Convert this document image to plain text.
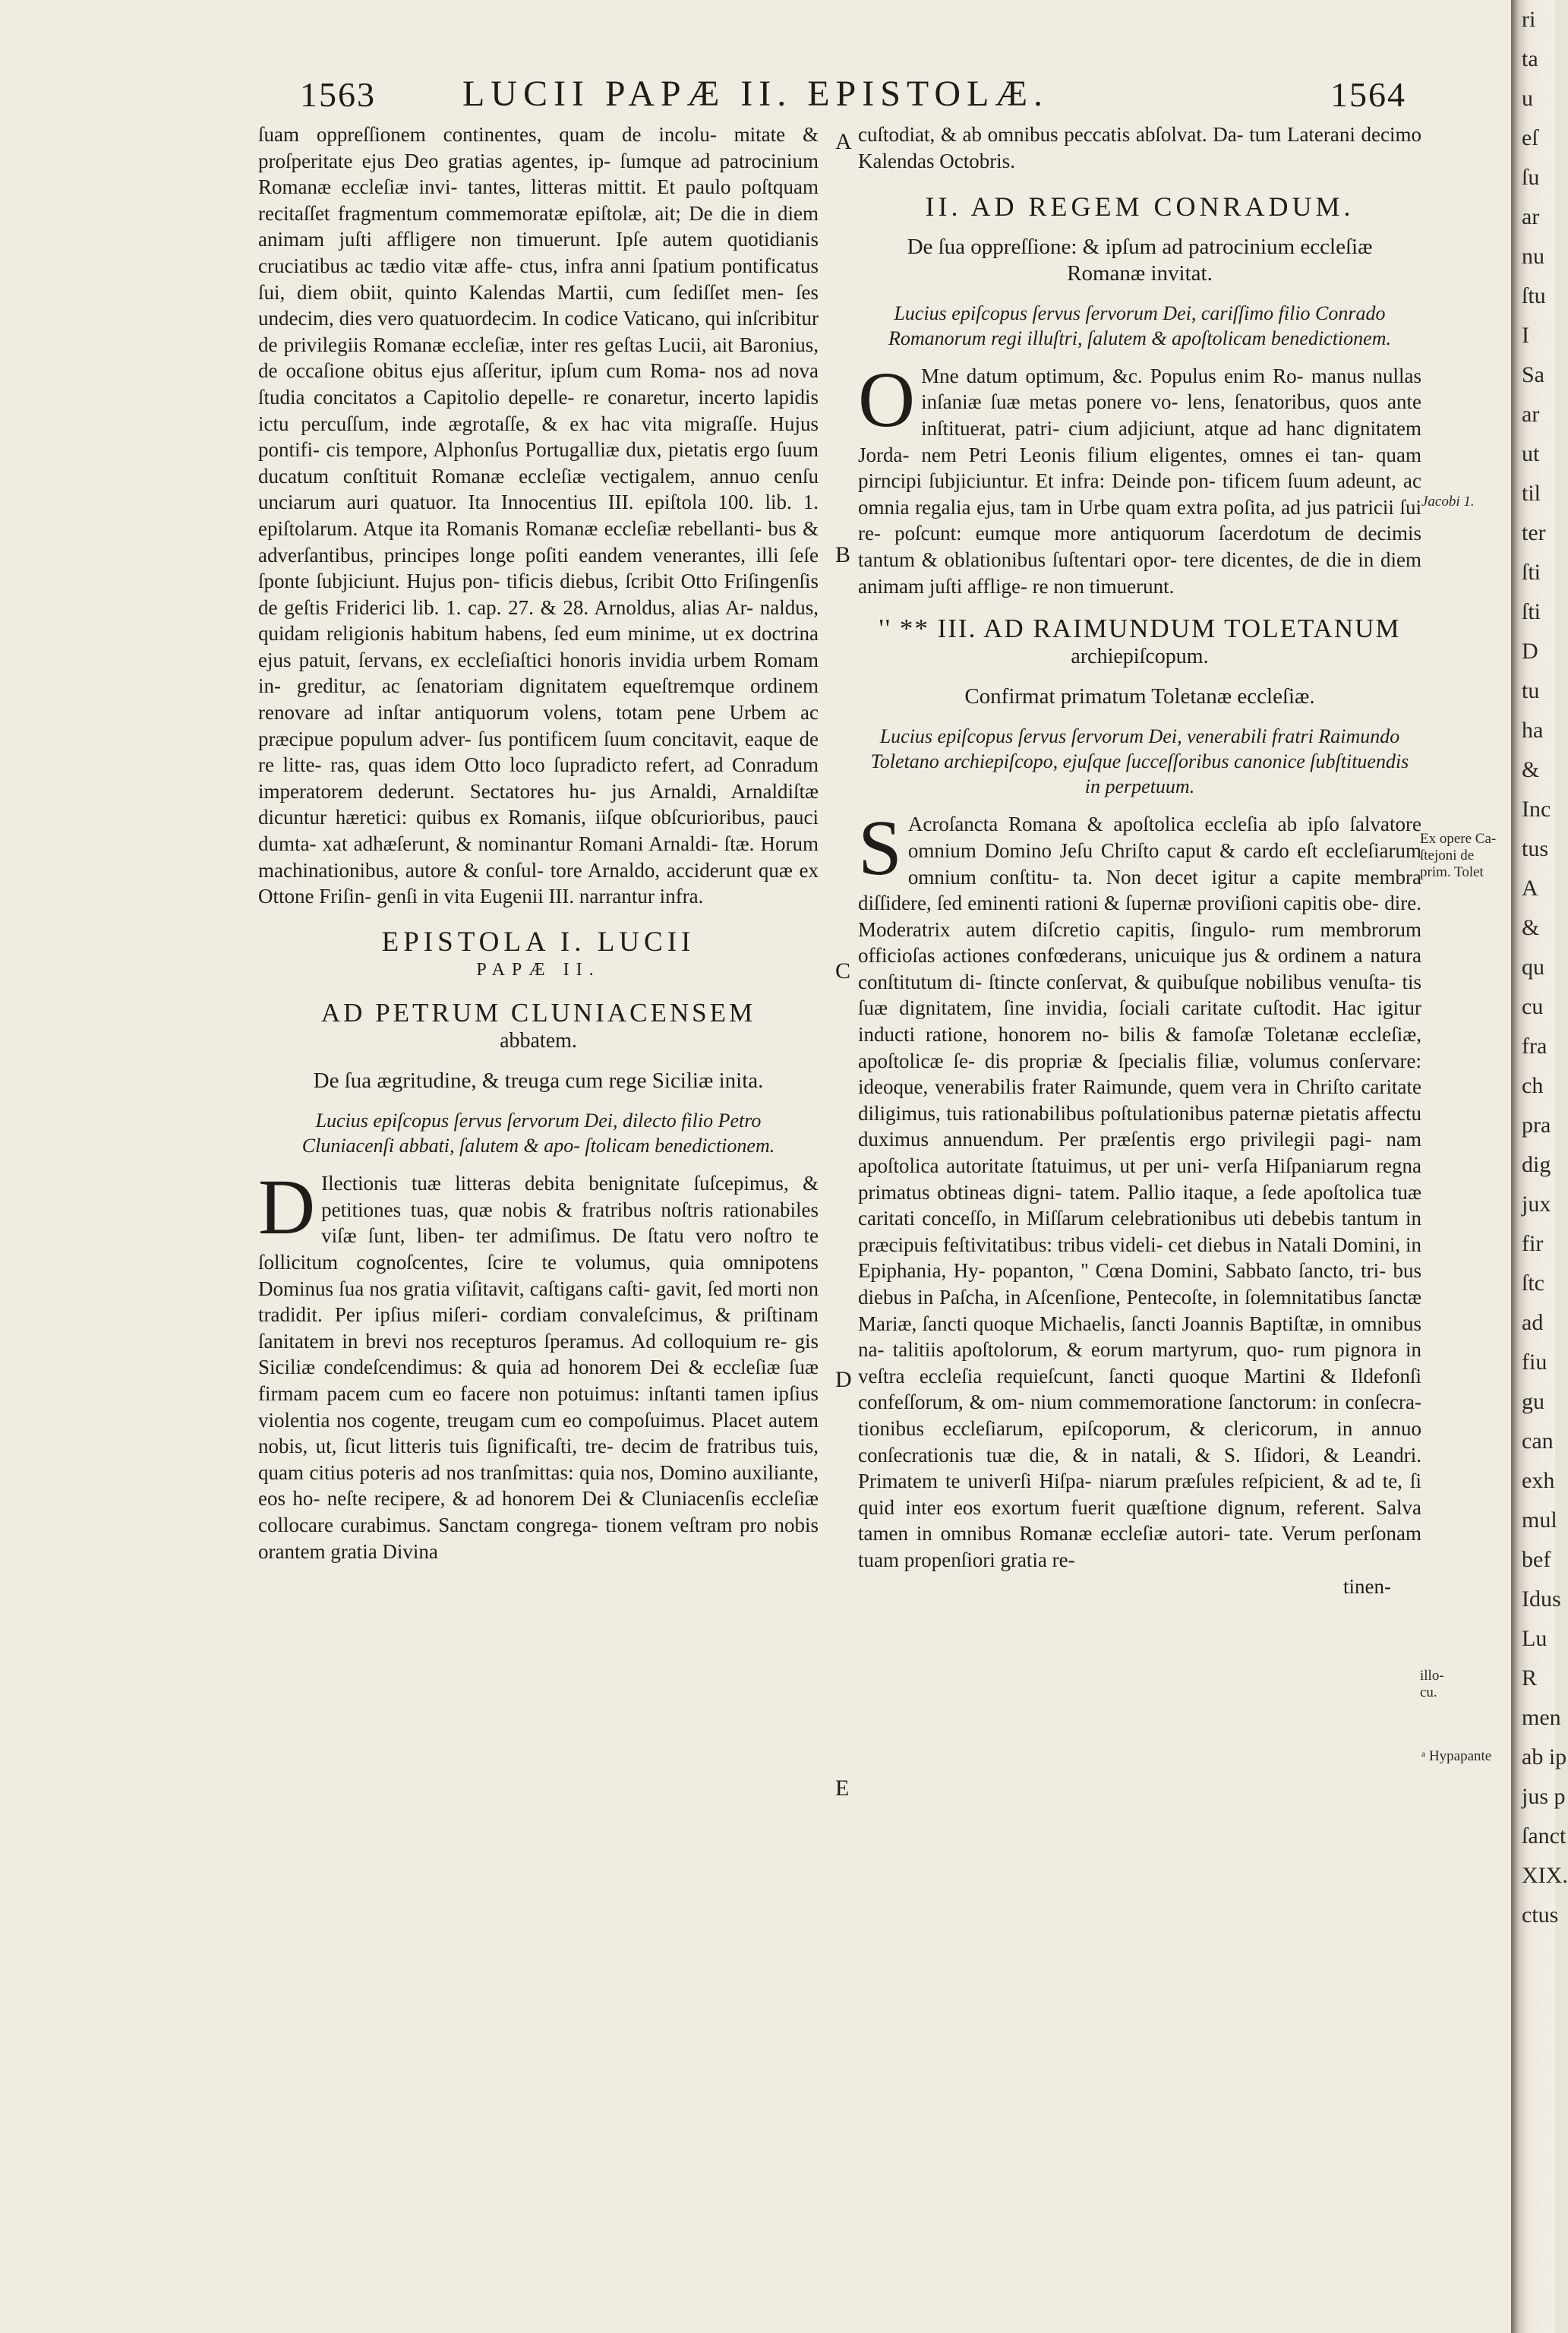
1563	LUCII PAPÆ II. EPISTOLÆ.	1564

ſuam oppreſſionem continentes, quam de incolu- mitate & proſperitate ejus Deo gratias agentes, ip- ſumque ad patrocinium Romanæ eccleſiæ invi- tantes, litteras mittit. Et paulo poſtquam recitaſſet fragmentum commemoratæ epiſtolæ, ait; De die in diem animam juſti affligere non timuerunt. Ipſe autem quotidianis cruciatibus ac tædio vitæ affe- ctus, infra anni ſpatium pontificatus ſui, diem obiit, quinto Kalendas Martii, cum ſediſſet men- ſes undecim, dies vero quatuordecim. In codice Vaticano, qui inſcribitur de privilegiis Romanæ eccleſiæ, inter res geſtas Lucii, ait Baronius, de occaſione obitus ejus aſſeritur, ipſum cum Roma- nos ad nova ſtudia concitatos a Capitolio depelle- re conaretur, incerto lapidis ictu percuſſum, inde ægrotaſſe, & ex hac vita migraſſe. Hujus pontifi- cis tempore, Alphonſus Portugalliæ dux, pietatis ergo ſuum ducatum conſtituit Romanæ eccleſiæ vectigalem, annuo cenſu unciarum auri quatuor. Ita Innocentius III. epiſtola 100. lib. 1. epiſtolarum. Atque ita Romanis Romanæ eccleſiæ rebellanti- bus & adverſantibus, principes longe poſiti eandem venerantes, illi ſeſe ſponte ſubjiciunt. Hujus pon- tificis diebus, ſcribit Otto Friſingenſis de geſtis Friderici lib. 1. cap. 27. & 28. Arnoldus, alias Ar- naldus, quidam religionis habitum habens, ſed eum minime, ut ex doctrina ejus patuit, ſervans, ex eccleſiaſtici honoris invidia urbem Romam in- greditur, ac ſenatoriam dignitatem equeſtremque ordinem renovare ad inſtar antiquorum volens, totam pene Urbem ac præcipue populum adver- ſus pontificem ſuum concitavit, eaque de re litte- ras, quas idem Otto loco ſupradicto refert, ad Conradum imperatorem dederunt. Sectatores hu- jus Arnaldi, Arnaldiſtæ dicuntur hæretici: quibus ex Romanis, iiſque obſcurioribus, pauci dumta- xat adhæſerunt, & nominantur Romani Arnaldi- ſtæ. Horum machinationibus, autore & conſul- tore Arnaldo, acciderunt quæ ex Ottone Friſin- genſi in vita Eugenii III. narrantur infra.

EPISTOLA I. LUCII
PAPÆ II.
AD PETRUM CLUNIACENSEM
abbatem.
De ſua ægritudine, & treuga cum rege Siciliæ inita.
Lucius epiſcopus ſervus ſervorum Dei, dilecto filio Petro Cluniacenſi abbati, ſalutem & apo- ſtolicam benedictionem.

D Ilectionis tuæ litteras debita benignitate ſuſcepimus, & petitiones tuas, quæ nobis & fratribus noſtris rationabiles viſæ ſunt, liben- ter admiſimus. De ſtatu vero noſtro te ſollicitum cognoſcentes, ſcire te volumus, quia omnipotens Dominus ſua nos gratia viſitavit, caſtigans caſti- gavit, ſed morti non tradidit. Per ipſius miſeri- cordiam convaleſcimus, & priſtinam ſanitatem in brevi nos recepturos ſperamus. Ad colloquium re- gis Siciliæ condeſcendimus: & quia ad honorem Dei & eccleſiæ ſuæ firmam pacem cum eo facere non potuimus: inſtanti tamen ipſius violentia nos cogente, treugam cum eo compoſuimus. Placet autem nobis, ut, ſicut litteris tuis ſignificaſti, tre- decim de fratribus tuis, quam citius poteris ad nos tranſmittas: quia nos, Domino auxiliante, eos ho- neſte recipere, & ad honorem Dei & Cluniacenſis eccleſiæ collocare curabimus. Sanctam congrega- tionem veſtram pro nobis orantem gratia Divina

cuſtodiat, & ab omnibus peccatis abſolvat. Da- tum Laterani decimo Kalendas Octobris.

II. AD REGEM CONRADUM.
De ſua oppreſſione: & ipſum ad patrocinium eccleſiæ Romanæ invitat.
Lucius epiſcopus ſervus ſervorum Dei, cariſſimo filio Conrado Romanorum regi illuſtri, ſalutem & apoſtolicam benedictionem.

O Mne datum optimum, &c. Populus enim Ro- manus nullas inſaniæ ſuæ metas ponere vo- lens, ſenatoribus, quos ante inſtituerat, patri- cium adjiciunt, atque ad hanc dignitatem Jorda- nem Petri Leonis filium eligentes, omnes ei tan- quam pirncipi ſubjiciuntur. Et infra: Deinde pon- tificem ſuum adeunt, ac omnia regalia ejus, tam in Urbe quam extra poſita, ad jus patricii ſui re- poſcunt: eumque more antiquorum ſacerdotum de decimis tantum & oblationibus ſuſtentari opor- tere dicentes, de die in diem animam juſti afflige- re non timuerunt.

'' ** III. AD RAIMUNDUM TOLETANUM
archiepiſcopum.
Confirmat primatum Toletanæ eccleſiæ.
Lucius epiſcopus ſervus ſervorum Dei, venerabili fratri Raimundo Toletano archiepiſcopo, ejuſque ſucceſſoribus canonice ſubſtituendis in perpetuum.

S Acroſancta Romana & apoſtolica eccleſia ab ipſo ſalvatore omnium Domino Jeſu Chriſto caput & cardo eſt eccleſiarum omnium conſtitu- ta. Non decet igitur a capite membra diſſidere, ſed eminenti rationi & ſupernæ proviſioni capitis obe- dire. Moderatrix autem diſcretio capitis, ſingulo- rum membrorum officioſas actiones confœderans, unicuique jus & ordinem a natura conſtitutum di- ſtincte conſervat, & quibuſque nobilibus venuſta- tis ſuæ dignitatem, ſine invidia, ſociali caritate cuſtodit. Hac igitur inducti ratione, honorem no- bilis & famoſæ Toletanæ eccleſiæ, apoſtolicæ ſe- dis propriæ & ſpecialis filiæ, volumus conſervare: ideoque, venerabilis frater Raimunde, quem vera in Chriſto caritate diligimus, tuis rationabilibus poſtulationibus paternæ pietatis affectu duximus annuendum. Per præſentis ergo privilegii pagi- nam apoſtolica autoritate ſtatuimus, ut per uni- verſa Hiſpaniarum regna primatus obtineas digni- tatem. Pallio itaque, a ſede apoſtolica tuæ caritati conceſſo, in Miſſarum celebrationibus uti debebis tantum in præcipuis feſtivitatibus: tribus videli- cet diebus in Natali Domini, in Epiphania, Hy- popanton, '' Cœna Domini, Sabbato ſancto, tri- bus diebus in Paſcha, in Aſcenſione, Pentecoſte, in ſolemnitatibus ſanctæ Mariæ, ſancti quoque Michaelis, ſancti Joannis Baptiſtæ, in omnibus na- talitiis apoſtolorum, & eorum martyrum, quo- rum pignora in veſtra eccleſia requieſcunt, ſancti quoque Martini & Ildefonſi confeſſorum, & om- nium commemoratione ſanctorum: in conſecra- tionibus eccleſiarum, epiſcoporum, & clericorum, in annuo conſecrationis tuæ die, & in natali, & S. Iſidori, & Leandri. Primatem te univerſi Hiſpa- niarum præſules reſpicient, & ad te, ſi quid inter eos exortum fuerit quæſtione dignum, referent. Salva tamen in omnibus Romanæ eccleſiæ autori- tate. Verum perſonam tuam propenſiori gratia re-

tinen-
A
B
C
D
E
Jacobi 1.
Ex opere Ca- ſtejoni de prim. Tolet
ᵃ Hypapante
illo- cu.
ri
ta
u
eſ
ſu
ar
nu
ſtu
I
Sa
ar
ut
til
ter
ſti
ſti
D
tu
ha
&
Inc
tus
A
&
qu
cu
fra
ch
pra
dig
jux
fir
ſtc
ad
fiu
gu
can
exh
mul
bef
Idus
Lu
R
men
ab ip
jus p
ſanct
XIX.
ctus
